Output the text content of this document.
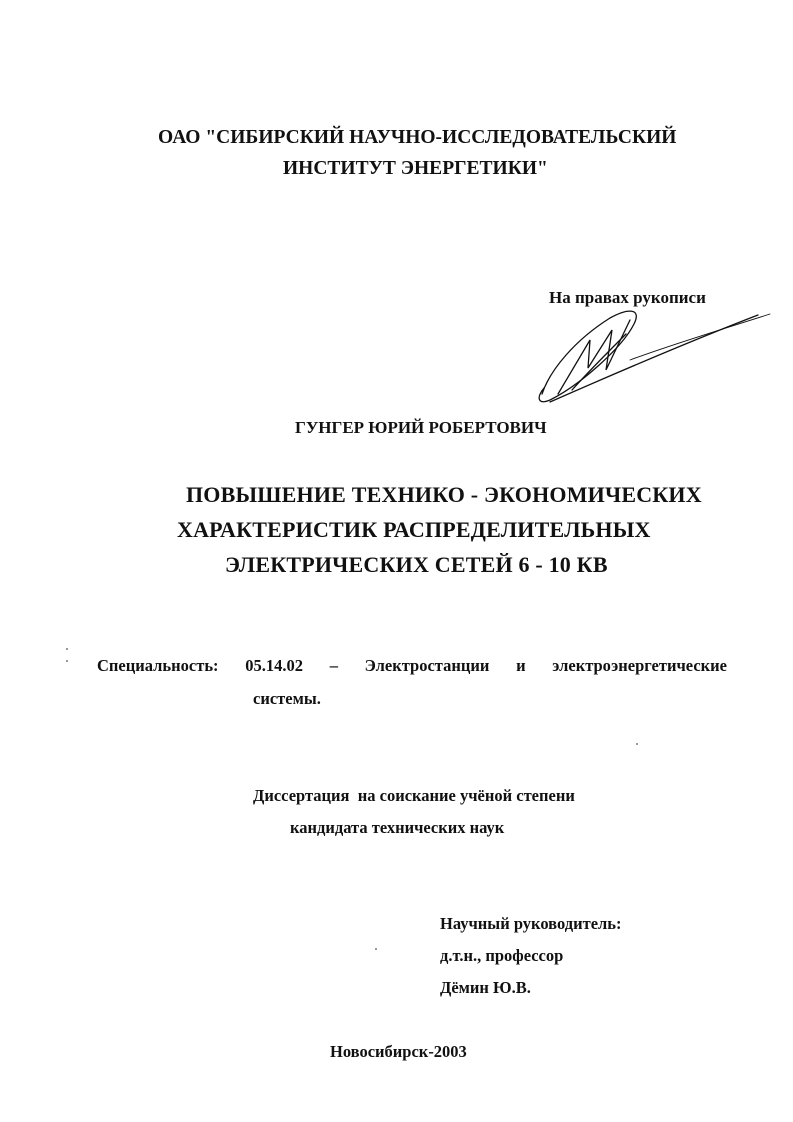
ОАО "СИБИРСКИЙ НАУЧНО-ИССЛЕДОВАТЕЛЬСКИЙ

ИНСТИТУТ ЭНЕРГЕТИКИ"

На правах рукописи

ГУНГЕР ЮРИЙ РОБЕРТОВИЧ

ПОВЫШЕНИЕ ТЕХНИКО - ЭКОНОМИЧЕСКИХ

ХАРАКТЕРИСТИК РАСПРЕДЕЛИТЕЛЬНЫХ

ЭЛЕКТРИЧЕСКИХ СЕТЕЙ 6 - 10 КВ

Специальность: 05.14.02 – Электростанции и электроэнергетические

системы.

Диссертация  на соискание учёной степени

кандидата технических наук

Научный руководитель:

д.т.н., профессор

Дёмин Ю.В.

Новосибирск-2003
